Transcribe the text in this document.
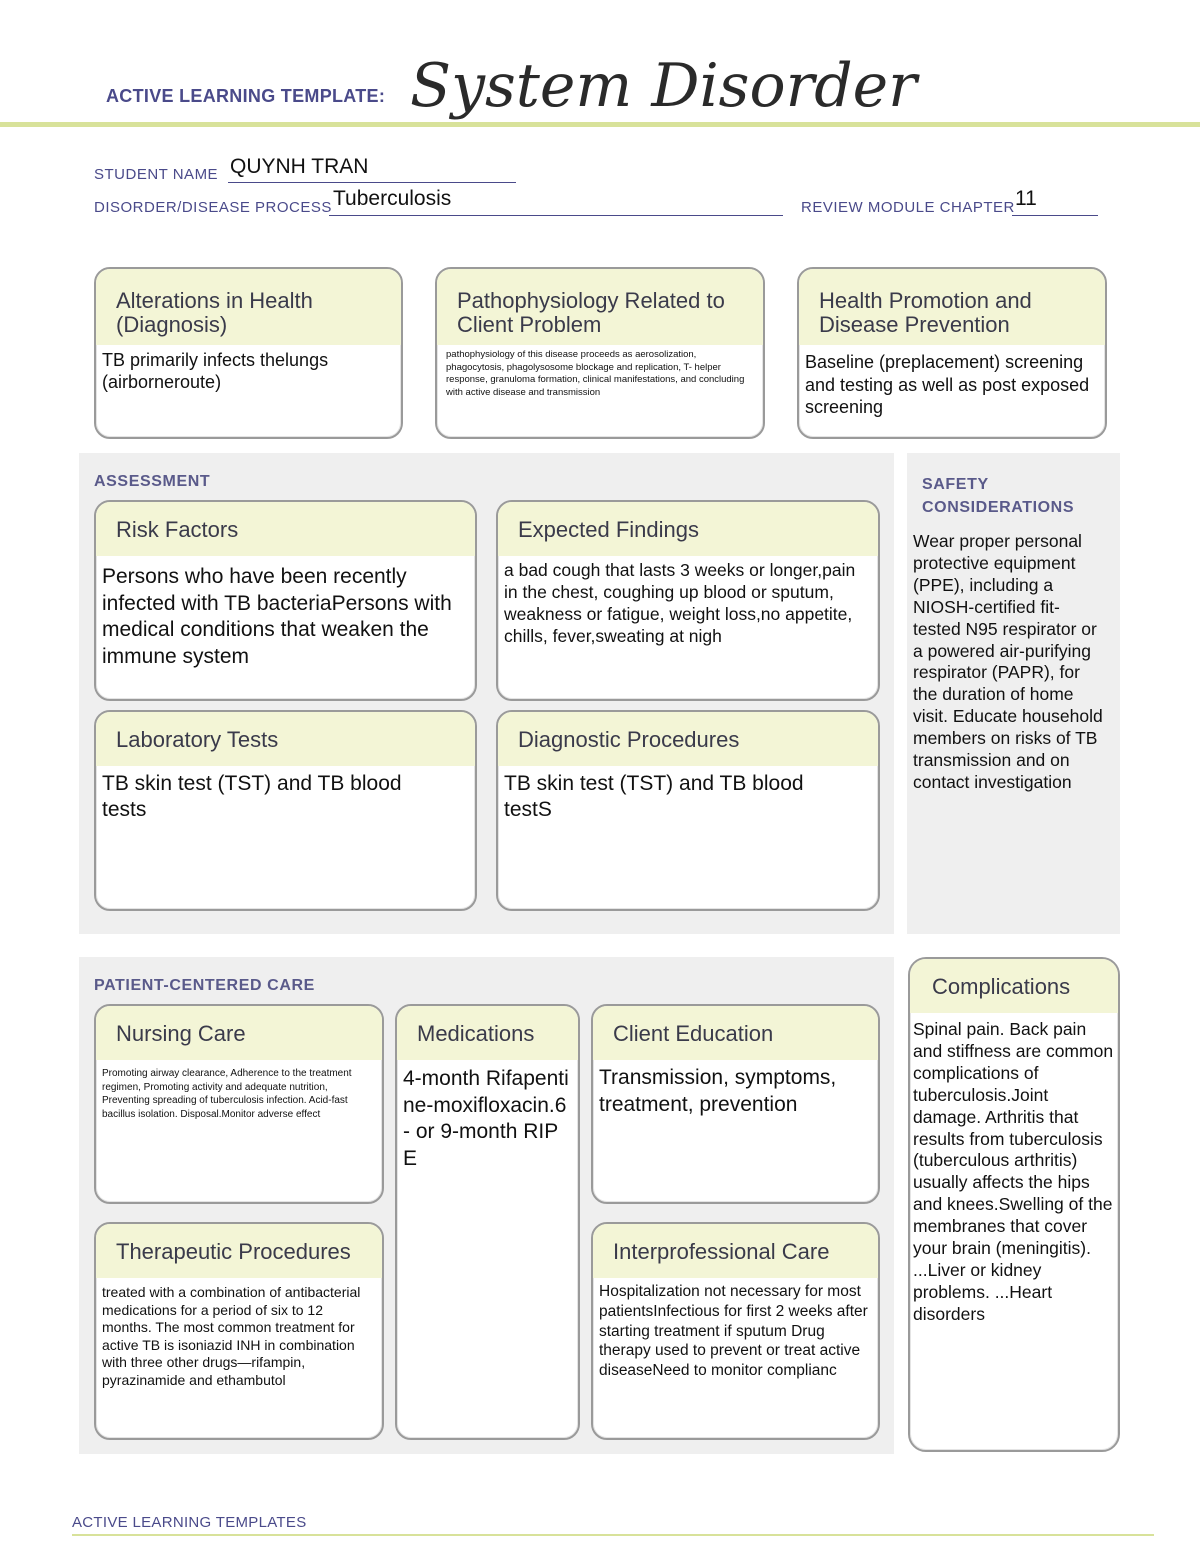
ACTIVE LEARNING TEMPLATE: System Disorder
STUDENT NAME QUYNH TRAN
DISORDER/DISEASE PROCESS Tuberculosis	REVIEW MODULE CHAPTER 11
Alterations in Health (Diagnosis)
TB primarily infects thelungs (airborneroute)
Pathophysiology Related to Client Problem
pathophysiology of this disease proceeds as aerosolization, phagocytosis, phagolysosome blockage and replication, T- helper response, granuloma formation, clinical manifestations, and concluding with active disease and transmission
Health Promotion and Disease Prevention
Baseline (preplacement) screening and testing as well as post exposed screening
ASSESSMENT
Risk Factors
Persons who have been recently infected with TB bacteriaPersons with medical conditions that weaken the immune system
Expected Findings
a bad cough that lasts 3 weeks or longer,pain in the chest, coughing up blood or sputum, weakness or fatigue, weight loss,no appetite, chills, fever,sweating at nigh
Laboratory Tests
TB skin test (TST) and TB blood tests
Diagnostic Procedures
TB skin test (TST) and TB blood testS
SAFETY CONSIDERATIONS
Wear proper personal protective equipment (PPE), including a NIOSH-certified fit-tested N95 respirator or a powered air-purifying respirator (PAPR), for the duration of home visit. Educate household members on risks of TB transmission and on contact investigation
PATIENT-CENTERED CARE
Nursing Care
Promoting airway clearance, Adherence to the treatment regimen, Promoting activity and adequate nutrition, Preventing spreading of tuberculosis infection. Acid-fast bacillus isolation. Disposal.Monitor adverse effect
Medications
4-month Rifapentine-moxifloxacin.6- or 9-month RIPE
Client Education
Transmission, symptoms, treatment, prevention
Therapeutic Procedures
treated with a combination of antibacterial medications for a period of six to 12 months. The most common treatment for active TB is isoniazid INH in combination with three other drugs—rifampin, pyrazinamide and ethambutol
Interprofessional Care
Hospitalization not necessary for most patientsInfectious for first 2 weeks after starting treatment if sputum Drug therapy used to prevent or treat active diseaseNeed to monitor complianc
Complications
Spinal pain. Back pain and stiffness are common complications of tuberculosis.Joint damage. Arthritis that results from tuberculosis (tuberculous arthritis) usually affects the hips and knees.Swelling of the membranes that cover your brain (meningitis). ...Liver or kidney problems. ...Heart disorders
ACTIVE LEARNING TEMPLATES
